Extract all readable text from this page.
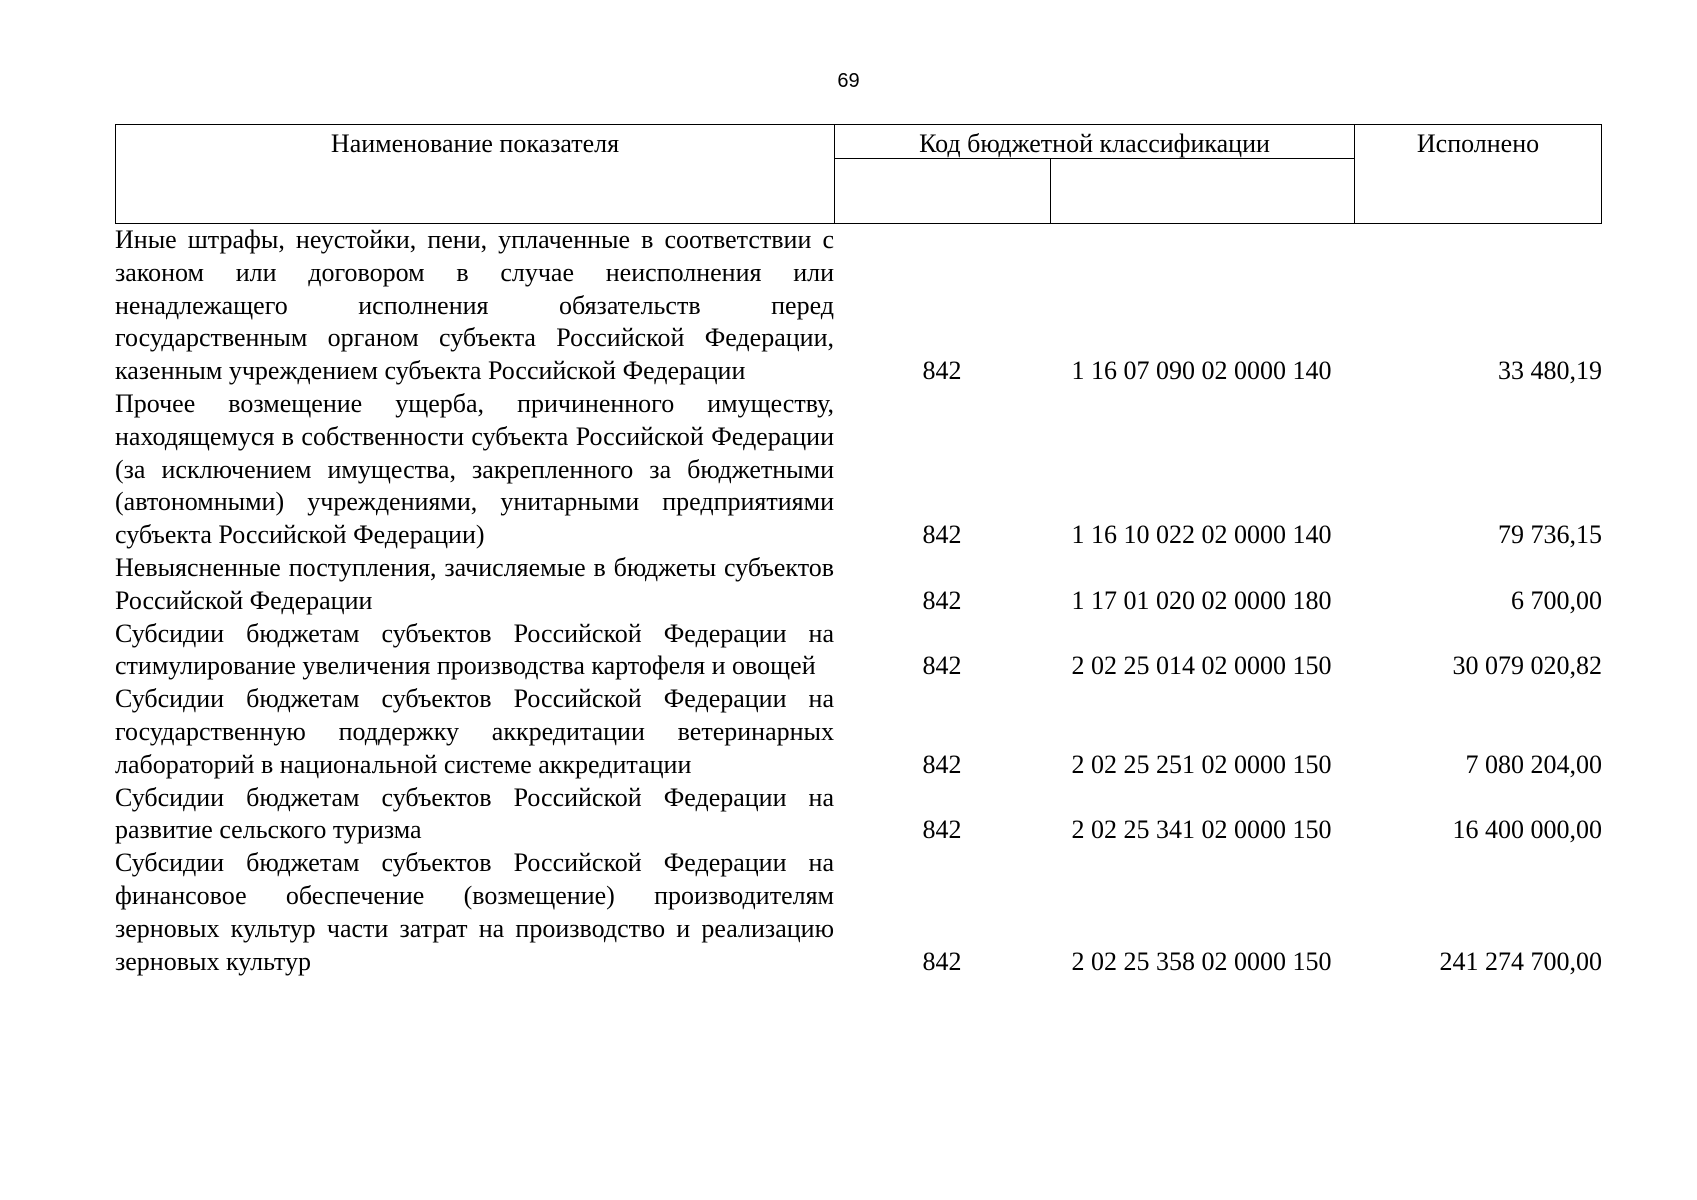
69
Наименование показателя	Код бюджетной классификации	Исполнено
Иные штрафы, неустойки, пени, уплаченные в соответствии с законом или договором в случае неисполнения или ненадлежащего исполнения обязательств перед государственным органом субъекта Российской Федерации, казенным учреждением субъекта Российской Федерации	842	1 16 07 090 02 0000 140	33 480,19
Прочее возмещение ущерба, причиненного имуществу, находящемуся в собственности субъекта Российской Федерации (за исключением имущества, закрепленного за бюджетными (автономными) учреждениями, унитарными предприятиями субъекта Российской Федерации)	842	1 16 10 022 02 0000 140	79 736,15
Невыясненные поступления, зачисляемые в бюджеты субъектов Российской Федерации	842	1 17 01 020 02 0000 180	6 700,00
Субсидии бюджетам субъектов Российской Федерации на стимулирование увеличения производства картофеля и овощей	842	2 02 25 014 02 0000 150	30 079 020,82
Субсидии бюджетам субъектов Российской Федерации на государственную поддержку аккредитации ветеринарных лабораторий в национальной системе аккредитации	842	2 02 25 251 02 0000 150	7 080 204,00
Субсидии бюджетам субъектов Российской Федерации на развитие сельского туризма	842	2 02 25 341 02 0000 150	16 400 000,00
Субсидии бюджетам субъектов Российской Федерации на финансовое обеспечение (возмещение) производителям зерновых культур части затрат на производство и реализацию зерновых культур	842	2 02 25 358 02 0000 150	241 274 700,00
